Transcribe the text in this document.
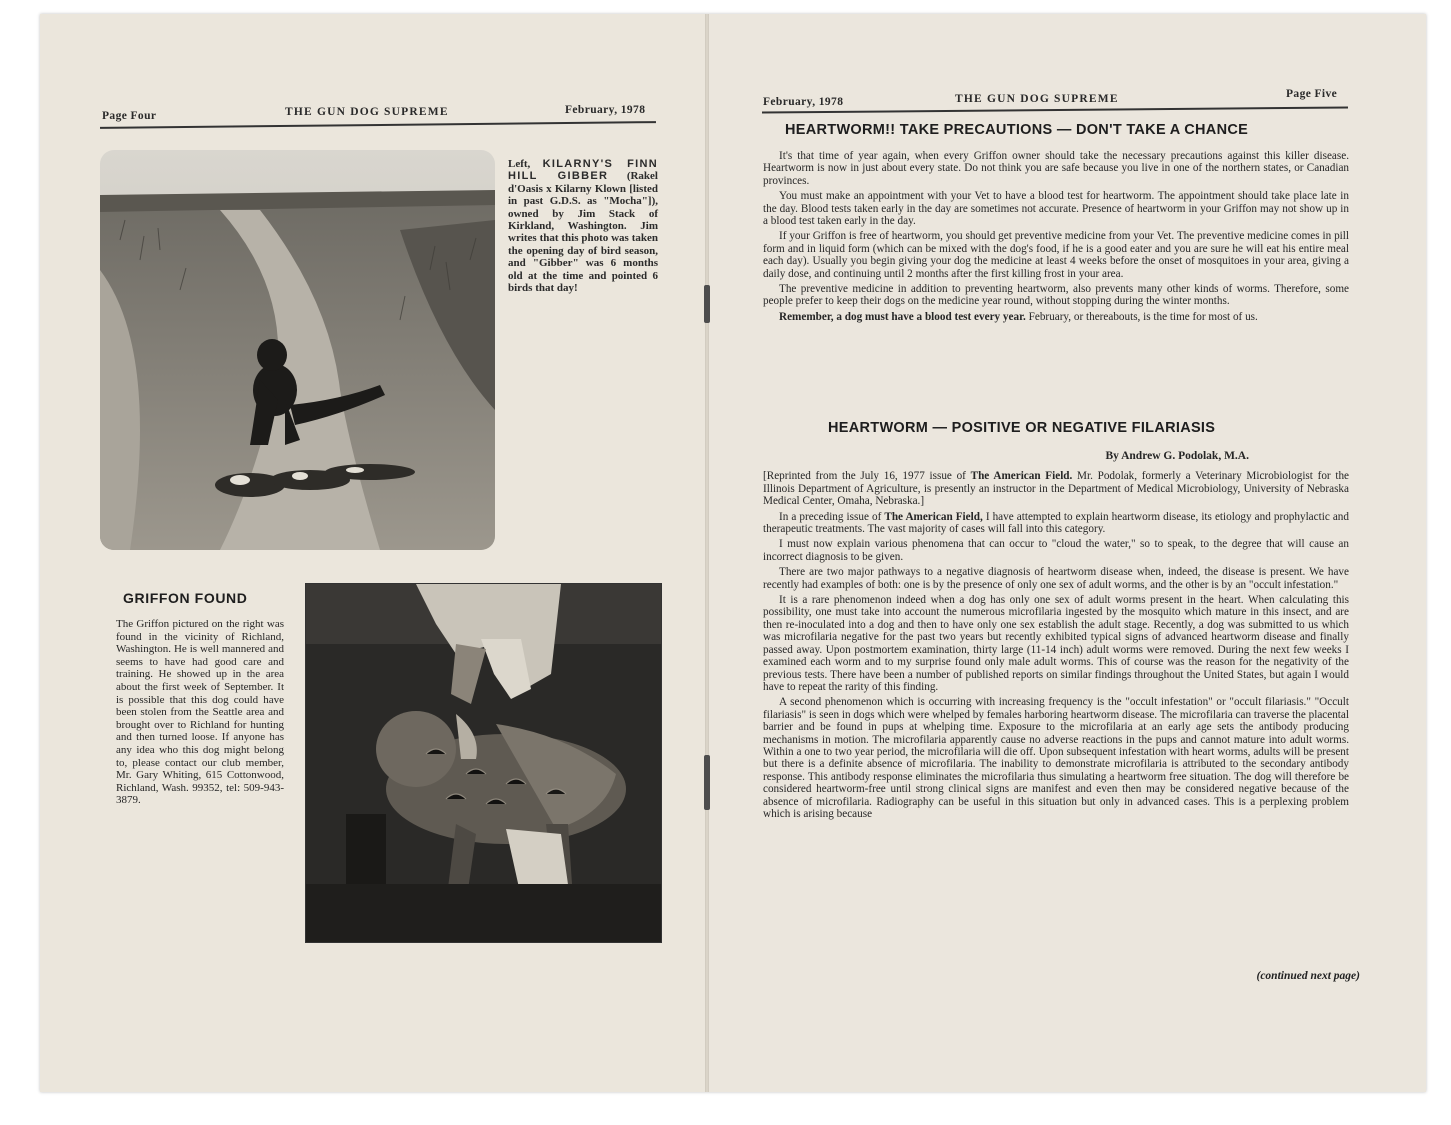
Page Four	THE GUN DOG SUPREME	February, 1978
Left, KILARNY'S FINN HILL GIBBER (Rakel d'Oasis x Kilarny Klown [listed in past G.D.S. as "Mocha"]), owned by Jim Stack of Kirkland, Washington. Jim writes that this photo was taken the opening day of bird season, and "Gibber" was 6 months old at the time and pointed 6 birds that day!
GRIFFON FOUND
The Griffon pictured on the right was found in the vicinity of Richland, Washington. He is well mannered and seems to have had good care and training. He showed up in the area about the first week of September. It is possible that this dog could have been stolen from the Seattle area and brought over to Richland for hunting and then turned loose. If anyone has any idea who this dog might belong to, please contact our club member, Mr. Gary Whiting, 615 Cottonwood, Richland, Wash. 99352, tel: 509-943-3879.
February, 1978	THE GUN DOG SUPREME	Page Five
HEARTWORM!! TAKE PRECAUTIONS — DON'T TAKE A CHANCE

It's that time of year again, when every Griffon owner should take the necessary precautions against this killer disease. Heartworm is now in just about every state. Do not think you are safe because you live in one of the northern states, or Canadian provinces.

You must make an appointment with your Vet to have a blood test for heartworm. The appointment should take place late in the day. Blood tests taken early in the day are sometimes not accurate. Presence of heartworm in your Griffon may not show up in a blood test taken early in the day.

If your Griffon is free of heartworm, you should get preventive medicine from your Vet. The preventive medicine comes in pill form and in liquid form (which can be mixed with the dog's food, if he is a good eater and you are sure he will eat his entire meal each day). Usually you begin giving your dog the medicine at least 4 weeks before the onset of mosquitoes in your area, giving a daily dose, and continuing until 2 months after the first killing frost in your area.

The preventive medicine in addition to preventing heartworm, also prevents many other kinds of worms. Therefore, some people prefer to keep their dogs on the medicine year round, without stopping during the winter months.

Remember, a dog must have a blood test every year. February, or thereabouts, is the time for most of us.

HEARTWORM — POSITIVE OR NEGATIVE FILARIASIS
By Andrew G. Podolak, M.A.

[Reprinted from the July 16, 1977 issue of The American Field. Mr. Podolak, formerly a Veterinary Microbiologist for the Illinois Department of Agriculture, is presently an instructor in the Department of Medical Microbiology, University of Nebraska Medical Center, Omaha, Nebraska.]

In a preceding issue of The American Field, I have attempted to explain heartworm disease, its etiology and prophylactic and therapeutic treatments. The vast majority of cases will fall into this category.

I must now explain various phenomena that can occur to "cloud the water," so to speak, to the degree that will cause an incorrect diagnosis to be given.

There are two major pathways to a negative diagnosis of heartworm disease when, indeed, the disease is present. We have recently had examples of both: one is by the presence of only one sex of adult worms, and the other is by an "occult infestation."

It is a rare phenomenon indeed when a dog has only one sex of adult worms present in the heart. When calculating this possibility, one must take into account the numerous microfilaria ingested by the mosquito which mature in this insect, and are then re-inoculated into a dog and then to have only one sex establish the adult stage. Recently, a dog was submitted to us which was microfilaria negative for the past two years but recently exhibited typical signs of advanced heartworm disease and finally passed away. Upon postmortem examination, thirty large (11-14 inch) adult worms were removed. During the next few weeks I examined each worm and to my surprise found only male adult worms. This of course was the reason for the negativity of the previous tests. There have been a number of published reports on similar findings throughout the United States, but again I would have to repeat the rarity of this finding.

A second phenomenon which is occurring with increasing frequency is the "occult infestation" or "occult filariasis." "Occult filariasis" is seen in dogs which were whelped by females harboring heartworm disease. The microfilaria can traverse the placental barrier and be found in pups at whelping time. Exposure to the microfilaria at an early age sets the antibody producing mechanisms in motion. The microfilaria apparently cause no adverse reactions in the pups and cannot mature into adult worms. Within a one to two year period, the microfilaria will die off. Upon subsequent infestation with heart worms, adults will be present but there is a definite absence of microfilaria. The inability to demonstrate microfilaria is attributed to the secondary antibody response. This antibody response eliminates the microfilaria thus simulating a heartworm free situation. The dog will therefore be considered heartworm-free until strong clinical signs are manifest and even then may be considered negative because of the absence of microfilaria. Radiography can be useful in this situation but only in advanced cases. This is a perplexing problem which is arising because

(continued next page)
